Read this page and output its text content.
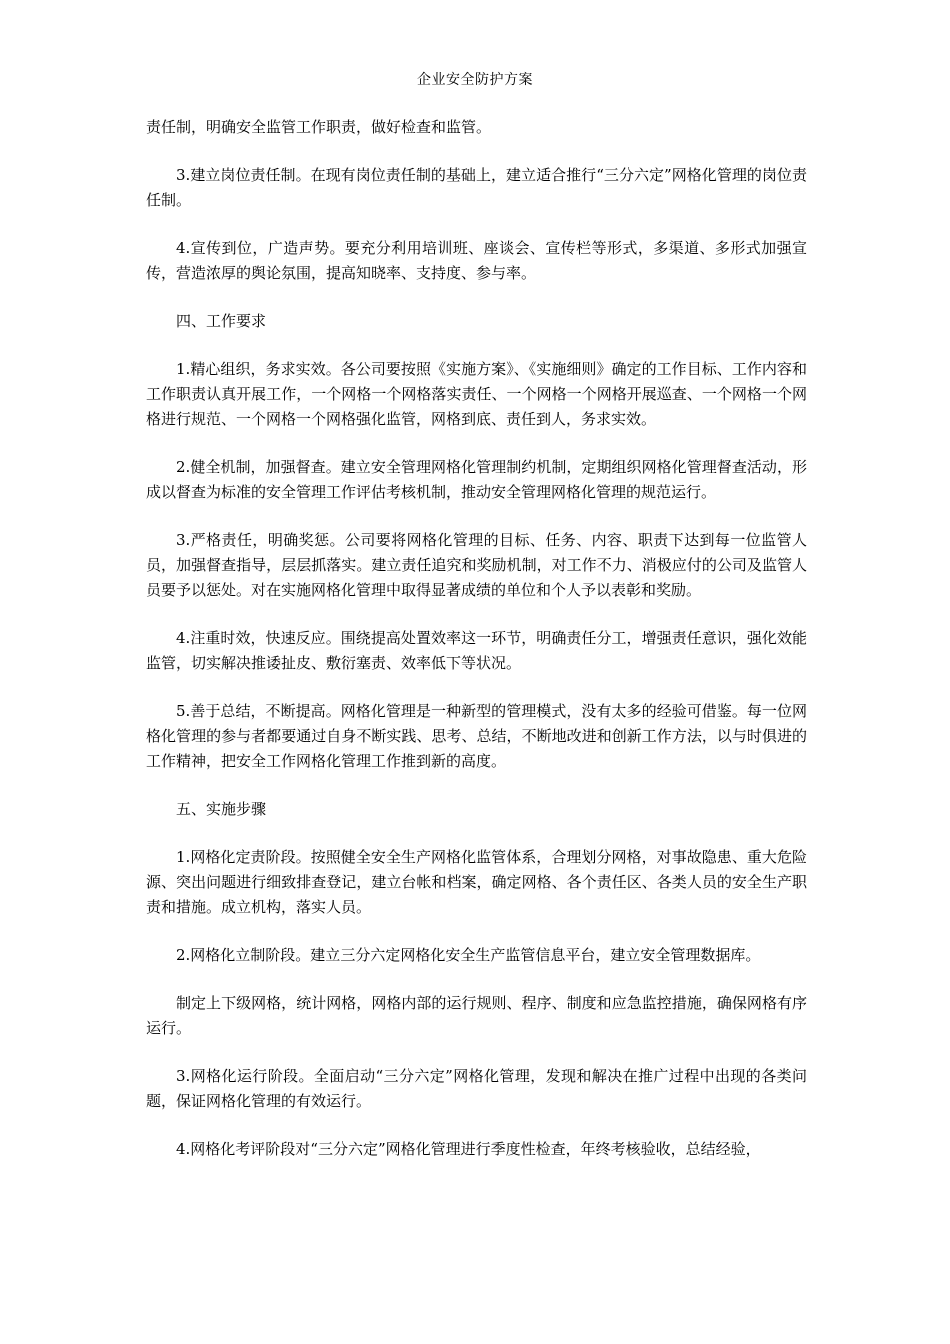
企业安全防护方案

责任制，明确安全监管工作职责，做好检查和监管。

3.建立岗位责任制。在现有岗位责任制的基础上，建立适合推行“三分六定”网格化管理的岗位责任制。

4.宣传到位，广造声势。要充分利用培训班、座谈会、宣传栏等形式，多渠道、多形式加强宣传，营造浓厚的舆论氛围，提高知晓率、支持度、参与率。

四、工作要求

1.精心组织，务求实效。各公司要按照《实施方案》、《实施细则》确定的工作目标、工作内容和工作职责认真开展工作，一个网格一个网格落实责任、一个网格一个网格开展巡查、一个网格一个网格进行规范、一个网格一个网格强化监管，网格到底、责任到人，务求实效。

2.健全机制，加强督查。建立安全管理网格化管理制约机制，定期组织网格化管理督查活动，形成以督查为标准的安全管理工作评估考核机制，推动安全管理网格化管理的规范运行。

3.严格责任，明确奖惩。公司要将网格化管理的目标、任务、内容、职责下达到每一位监管人员，加强督查指导，层层抓落实。建立责任追究和奖励机制，对工作不力、消极应付的公司及监管人员要予以惩处。对在实施网格化管理中取得显著成绩的单位和个人予以表彰和奖励。

4.注重时效，快速反应。围绕提高处置效率这一环节，明确责任分工，增强责任意识，强化效能监管，切实解决推诿扯皮、敷衍塞责、效率低下等状况。

5.善于总结，不断提高。网格化管理是一种新型的管理模式，没有太多的经验可借鉴。每一位网格化管理的参与者都要通过自身不断实践、思考、总结，不断地改进和创新工作方法，以与时俱进的工作精神，把安全工作网格化管理工作推到新的高度。

五、实施步骤

1.网格化定责阶段。按照健全安全生产网格化监管体系，合理划分网格，对事故隐患、重大危险源、突出问题进行细致排查登记，建立台帐和档案，确定网格、各个责任区、各类人员的安全生产职责和措施。成立机构，落实人员。

2.网格化立制阶段。建立三分六定网格化安全生产监管信息平台，建立安全管理数据库。

制定上下级网格，统计网格，网格内部的运行规则、程序、制度和应急监控措施，确保网格有序运行。

3.网格化运行阶段。全面启动“三分六定”网格化管理，发现和解决在推广过程中出现的各类问题，保证网格化管理的有效运行。

4.网格化考评阶段对“三分六定”网格化管理进行季度性检查，年终考核验收，总结经验，
